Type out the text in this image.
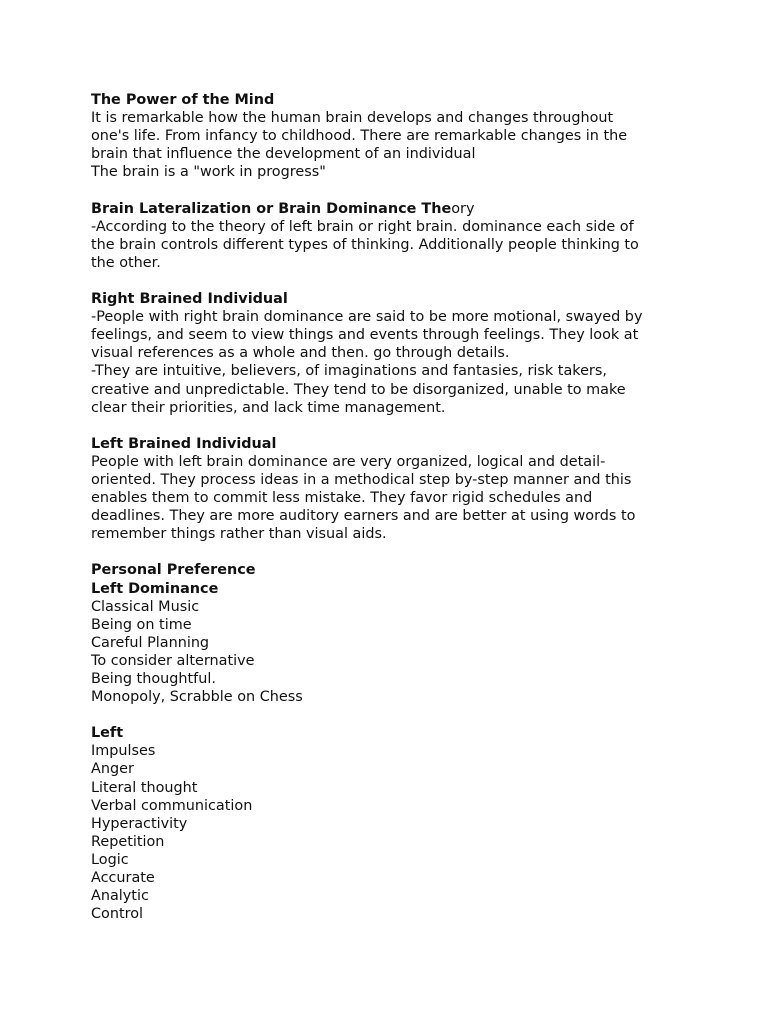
The Power of the Mind
It is remarkable how the human brain develops and changes throughout
one's life. From infancy to childhood. There are remarkable changes in the
brain that influence the development of an individual
The brain is a "work in progress"
Brain Lateralization or Brain Dominance Theory
-According to the theory of left brain or right brain. dominance each side of
the brain controls different types of thinking. Additionally people thinking to
the other.
Right Brained Individual
-People with right brain dominance are said to be more motional, swayed by
feelings, and seem to view things and events through feelings. They look at
visual references as a whole and then. go through details.
-They are intuitive, believers, of imaginations and fantasies, risk takers,
creative and unpredictable. They tend to be disorganized, unable to make
clear their priorities, and lack time management.
Left Brained Individual
People with left brain dominance are very organized, logical and detail-
oriented. They process ideas in a methodical step by-step manner and this
enables them to commit less mistake. They favor rigid schedules and
deadlines. They are more auditory earners and are better at using words to
remember things rather than visual aids.
Personal Preference
Left Dominance
Classical Music
Being on time
Careful Planning
To consider alternative
Being thoughtful.
Monopoly, Scrabble on Chess
Left
Impulses
Anger
Literal thought
Verbal communication
Hyperactivity
Repetition
Logic
Accurate
Analytic
Control
